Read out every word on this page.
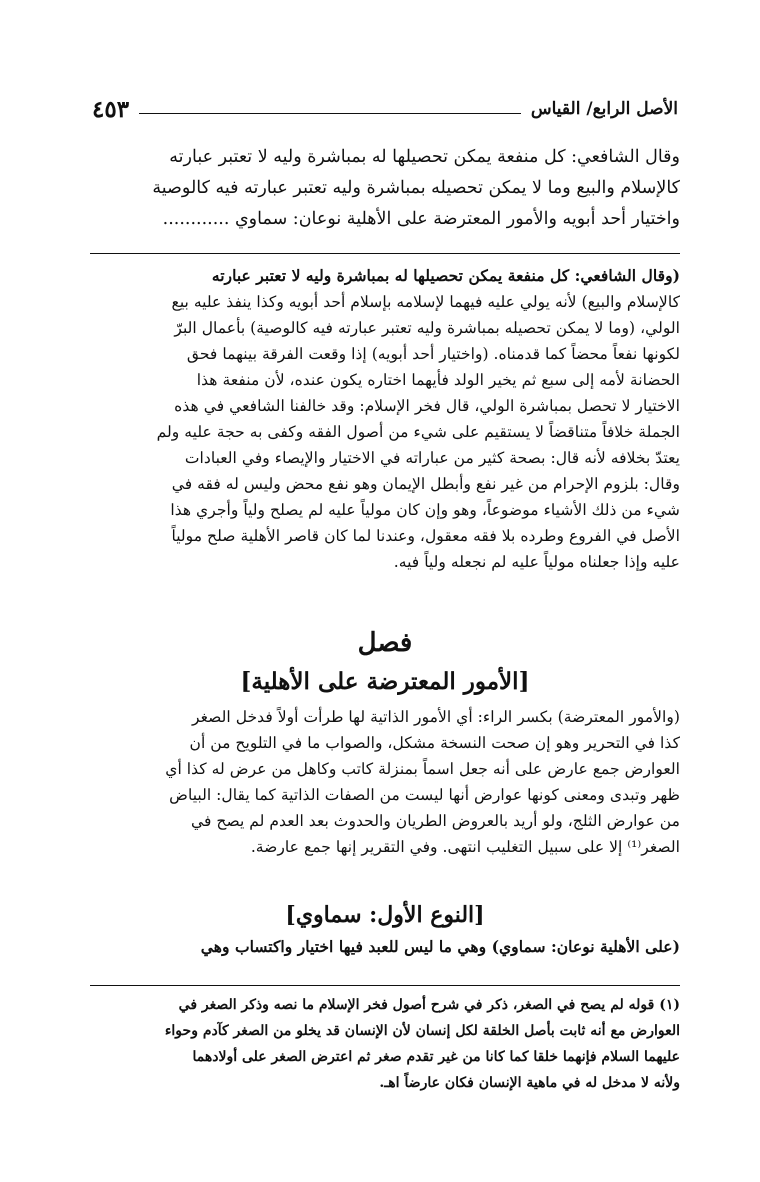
الأصل الرابع/ القياس
٤٥٣
وقال الشافعي: كل منفعة يمكن تحصيلها له بمباشرة وليه لا تعتبر عبارته
كالإسلام والبيع وما لا يمكن تحصيله بمباشرة وليه تعتبر عبارته فيه كالوصية
واختيار أحد أبويه والأمور المعترضة على الأهلية نوعان: سماوي ............
(وقال الشافعي: كل منفعة يمكن تحصيلها له بمباشرة وليه لا تعتبر عبارته
كالإسلام والبيع) لأنه يولي عليه فيهما لإسلامه بإسلام أحد أبويه وكذا ينفذ عليه بيع
الولي، (وما لا يمكن تحصيله بمباشرة وليه تعتبر عبارته فيه كالوصية) بأعمال البرّ
لكونها نفعاً محضاً كما قدمناه. (واختيار أحد أبويه) إذا وقعت الفرقة بينهما فحق
الحضانة لأمه إلى سبع ثم يخير الولد فأيهما اختاره يكون عنده، لأن منفعة هذا
الاختيار لا تحصل بمباشرة الولي، قال فخر الإسلام: وقد خالفنا الشافعي في هذه
الجملة خلافاً متناقضاً لا يستقيم على شيء من أصول الفقه وكفى به حجة عليه ولم
يعتدّ بخلافه لأنه قال: بصحة كثير من عباراته في الاختيار والإيصاء وفي العبادات
وقال: بلزوم الإحرام من غير نفع وأبطل الإيمان وهو نفع محض وليس له فقه في
شيء من ذلك الأشياء موضوعاً، وهو وإن كان مولياً عليه لم يصلح ولياً وأجري هذا
الأصل في الفروع وطرده بلا فقه معقول، وعندنا لما كان قاصر الأهلية صلح مولياً
عليه وإذا جعلناه مولياً عليه لم نجعله ولياً فيه.
فصل
[الأمور المعترضة على الأهلية]
(والأمور المعترضة) بكسر الراء: أي الأمور الذاتية لها طرأت أولاً فدخل الصغر
كذا في التحرير وهو إن صحت النسخة مشكل، والصواب ما في التلويح من أن
العوارض جمع عارض على أنه جعل اسماً بمنزلة كاتب وكاهل من عرض له كذا أي
ظهر وتبدى ومعنى كونها عوارض أنها ليست من الصفات الذاتية كما يقال: البياض
من عوارض الثلج، ولو أريد بالعروض الطريان والحدوث بعد العدم لم يصح في
الصغر⁽¹⁾ إلا على سبيل التغليب انتهى. وفي التقرير إنها جمع عارضة.
[النوع الأول: سماوي]
(على الأهلية نوعان: سماوي) وهي ما ليس للعبد فيها اختيار واكتساب وهي
(١) قوله لم يصح في الصغر، ذكر في شرح أصول فخر الإسلام ما نصه وذكر الصغر في
العوارض مع أنه ثابت بأصل الخلقة لكل إنسان لأن الإنسان قد يخلو من الصغر كآدم وحواء
عليهما السلام فإنهما خلقا كما كانا من غير تقدم صغر ثم اعترض الصغر على أولادهما
ولأنه لا مدخل له في ماهية الإنسان فكان عارضاً اهـ.
